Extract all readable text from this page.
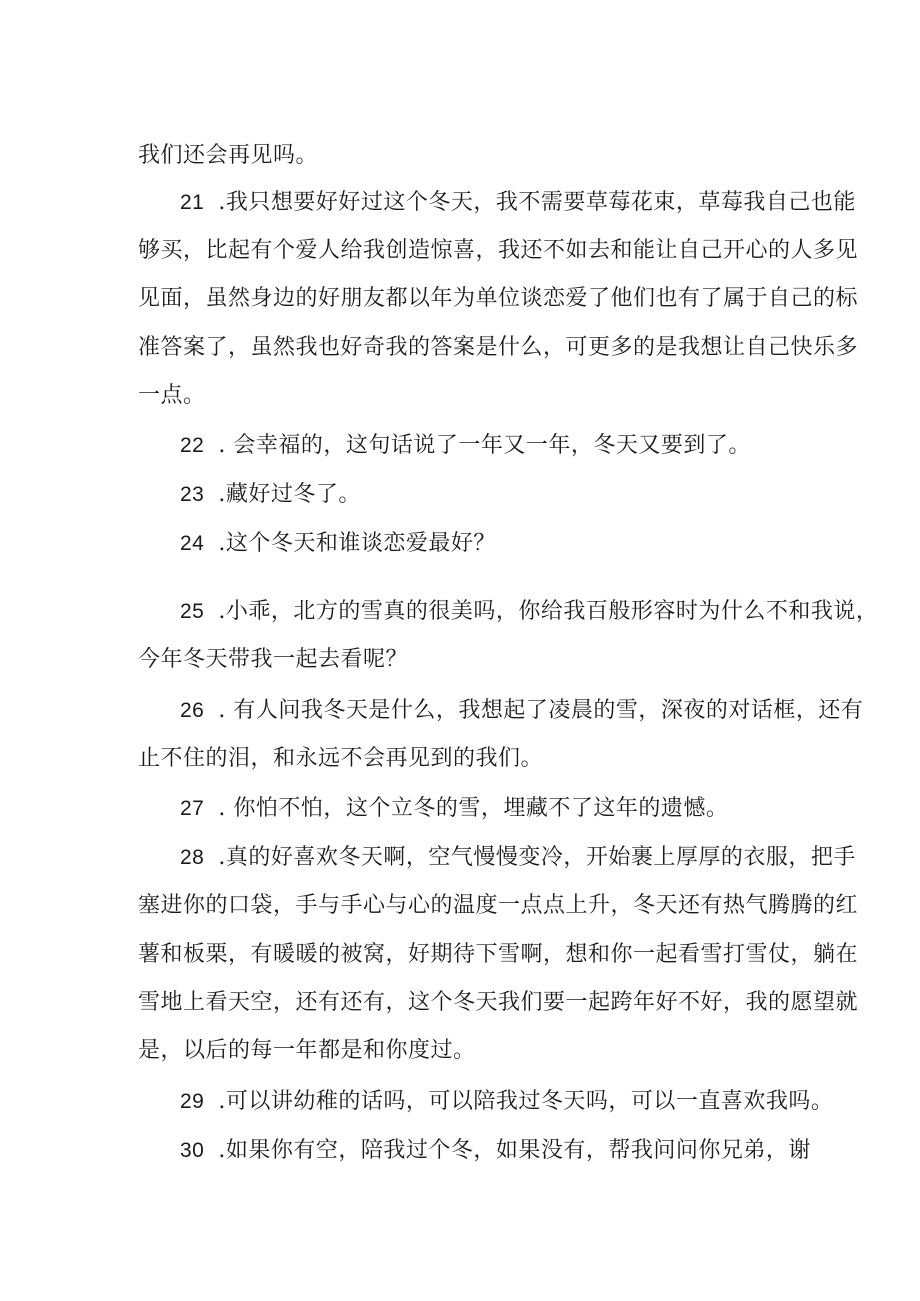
我们还会再见吗。
21 .我只想要好好过这个冬天，我不需要草莓花束，草莓我自己也能
够买，比起有个爱人给我创造惊喜，我还不如去和能让自己开心的人多见
见面，虽然身边的好朋友都以年为单位谈恋爱了他们也有了属于自己的标
准答案了，虽然我也好奇我的答案是什么，可更多的是我想让自己快乐多
一点。
22 . 会幸福的，这句话说了一年又一年，冬天又要到了。
23 .藏好过冬了。
24 .这个冬天和谁谈恋爱最好？
25 .小乖，北方的雪真的很美吗，你给我百般形容时为什么不和我说，
今年冬天带我一起去看呢？
26 . 有人问我冬天是什么，我想起了凌晨的雪，深夜的对话框，还有
止不住的泪，和永远不会再见到的我们。
27 . 你怕不怕，这个立冬的雪，埋藏不了这年的遗憾。
28 .真的好喜欢冬天啊，空气慢慢变冷，开始裹上厚厚的衣服，把手
塞进你的口袋，手与手心与心的温度一点点上升，冬天还有热气腾腾的红
薯和板栗，有暖暖的被窝，好期待下雪啊，想和你一起看雪打雪仗，躺在
雪地上看天空，还有还有，这个冬天我们要一起跨年好不好，我的愿望就
是，以后的每一年都是和你度过。
29 .可以讲幼稚的话吗，可以陪我过冬天吗，可以一直喜欢我吗。
30 .如果你有空，陪我过个冬，如果没有，帮我问问你兄弟，谢
